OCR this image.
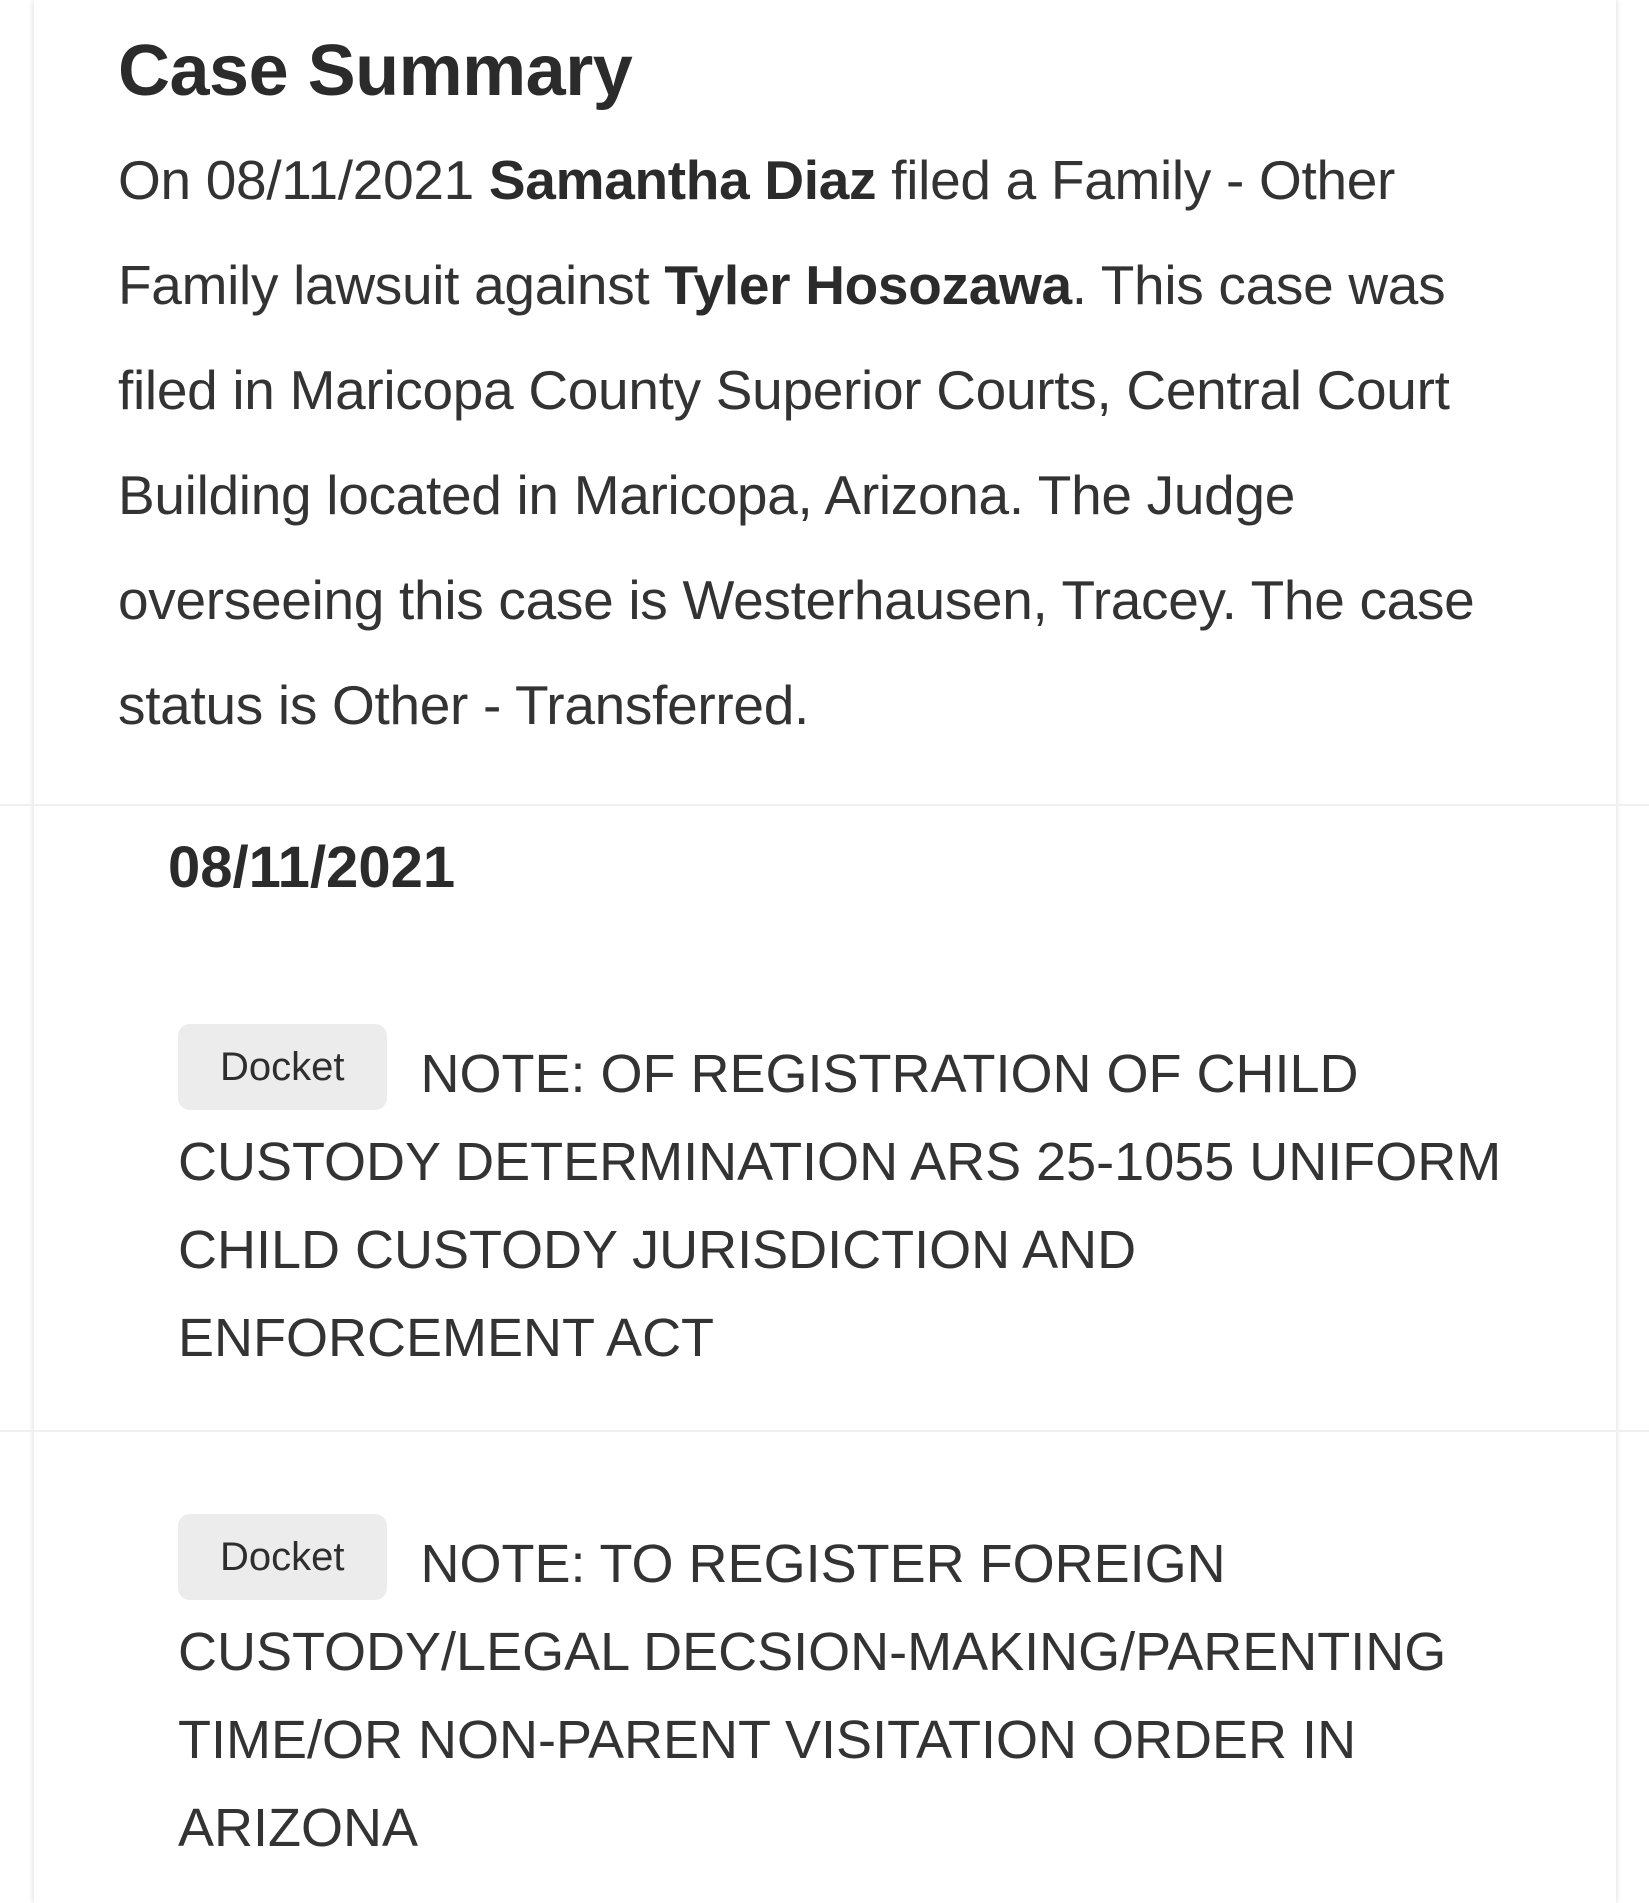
Case Summary

On 08/11/2021 Samantha Diaz filed a Family - Other Family lawsuit against Tyler Hosozawa. This case was filed in Maricopa County Superior Courts, Central Court Building located in Maricopa, Arizona. The Judge overseeing this case is Westerhausen, Tracey. The case status is Other - Transferred.

08/11/2021
Docket NOTE: OF REGISTRATION OF CHILD CUSTODY DETERMINATION ARS 25-1055 UNIFORM CHILD CUSTODY JURISDICTION AND ENFORCEMENT ACT
Docket NOTE: TO REGISTER FOREIGN CUSTODY/LEGAL DECSION-MAKING/PARENTING TIME/OR NON-PARENT VISITATION ORDER IN ARIZONA
